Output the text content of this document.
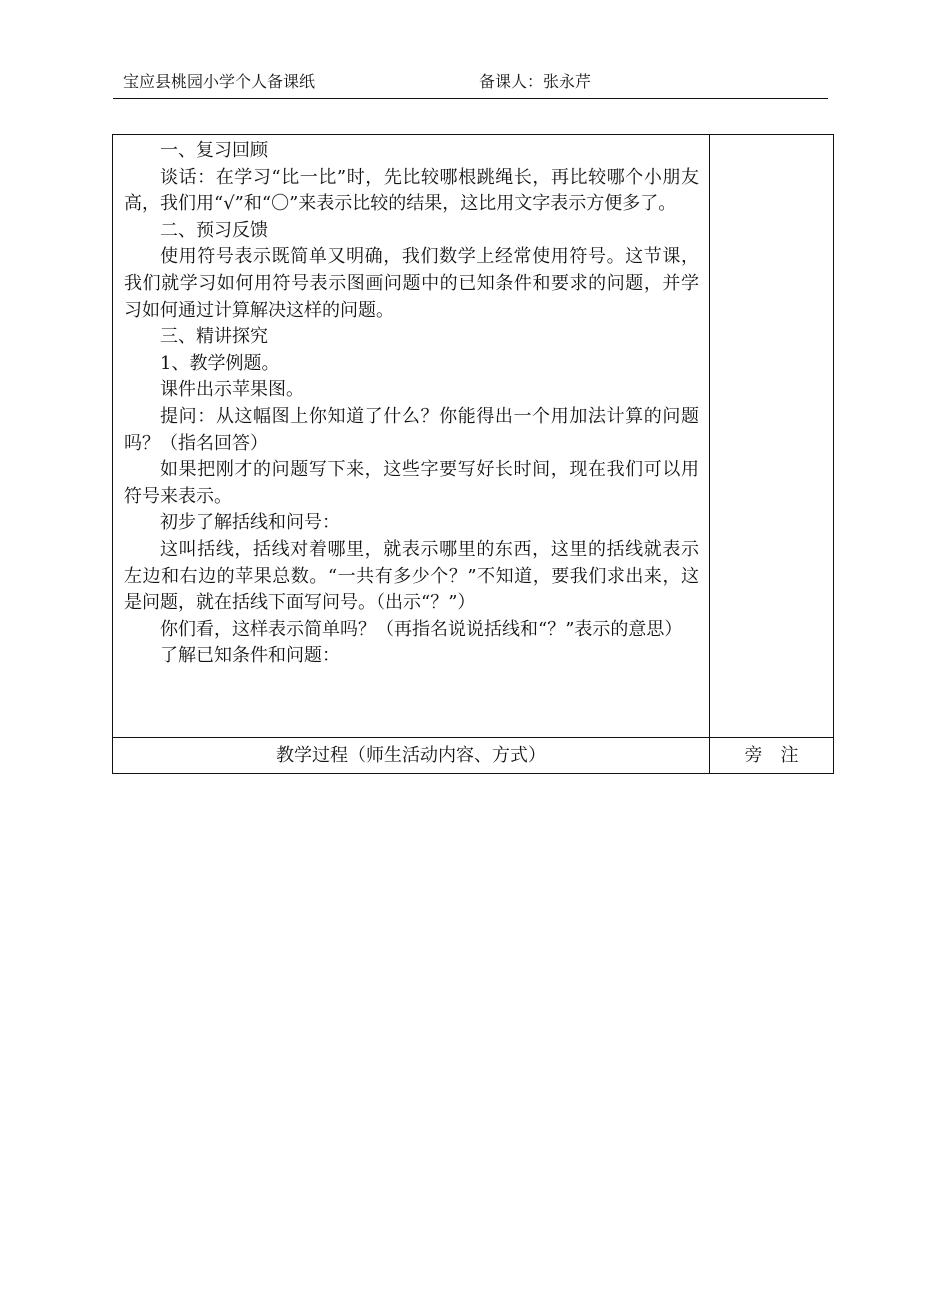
宝应县桃园小学个人备课纸	备课人：张永芹

一、复习回顾

谈话：在学习“比一比”时，先比较哪根跳绳长，再比较哪个小朋友高，我们用“√”和“〇”来表示比较的结果，这比用文字表示方便多了。

二、预习反馈

使用符号表示既简单又明确，我们数学上经常使用符号。这节课，我们就学习如何用符号表示图画问题中的已知条件和要求的问题，并学习如何通过计算解决这样的问题。

三、精讲探究

1、教学例题。

课件出示苹果图。

提问：从这幅图上你知道了什么？你能得出一个用加法计算的问题吗？（指名回答）

如果把刚才的问题写下来，这些字要写好长时间，现在我们可以用符号来表示。

初步了解括线和问号：

这叫括线，括线对着哪里，就表示哪里的东西，这里的括线就表示左边和右边的苹果总数。“一共有多少个？”不知道，要我们求出来，这是问题，就在括线下面写问号。（出示“？”）

你们看，这样表示简单吗？（再指名说说括线和“？”表示的意思）

了解已知条件和问题：

教学过程（师生活动内容、方式）	旁注
